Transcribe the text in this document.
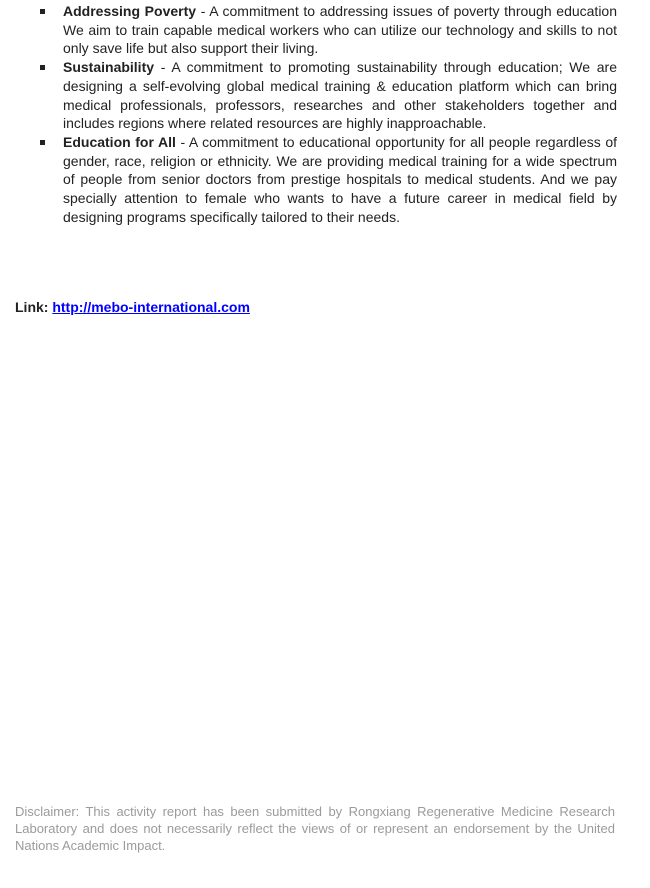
Addressing Poverty - A commitment to addressing issues of poverty through education We aim to train capable medical workers who can utilize our technology and skills to not only save life but also support their living.
Sustainability - A commitment to promoting sustainability through education; We are designing a self-evolving global medical training & education platform which can bring medical professionals, professors, researches and other stakeholders together and includes regions where related resources are highly inapproachable.
Education for All - A commitment to educational opportunity for all people regardless of gender, race, religion or ethnicity. We are providing medical training for a wide spectrum of people from senior doctors from prestige hospitals to medical students. And we pay specially attention to female who wants to have a future career in medical field by designing programs specifically tailored to their needs.

Link: http://mebo-international.com

Disclaimer: This activity report has been submitted by Rongxiang Regenerative Medicine Research Laboratory and does not necessarily reflect the views of or represent an endorsement by the United Nations Academic Impact.
